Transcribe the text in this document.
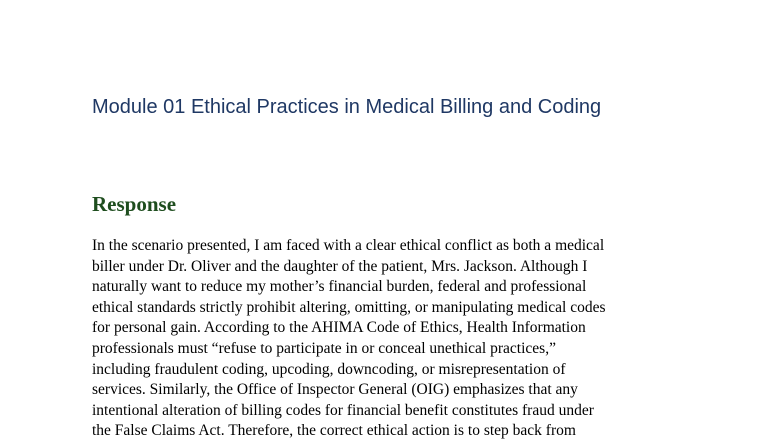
Module 01 Ethical Practices in Medical Billing and Coding
Response

In the scenario presented, I am faced with a clear ethical conflict as both a medical
biller under Dr. Oliver and the daughter of the patient, Mrs. Jackson. Although I
naturally want to reduce my mother’s financial burden, federal and professional
ethical standards strictly prohibit altering, omitting, or manipulating medical codes
for personal gain. According to the AHIMA Code of Ethics, Health Information
professionals must “refuse to participate in or conceal unethical practices,”
including fraudulent coding, upcoding, downcoding, or misrepresentation of
services. Similarly, the Office of Inspector General (OIG) emphasizes that any
intentional alteration of billing codes for financial benefit constitutes fraud under
the False Claims Act. Therefore, the correct ethical action is to step back from
